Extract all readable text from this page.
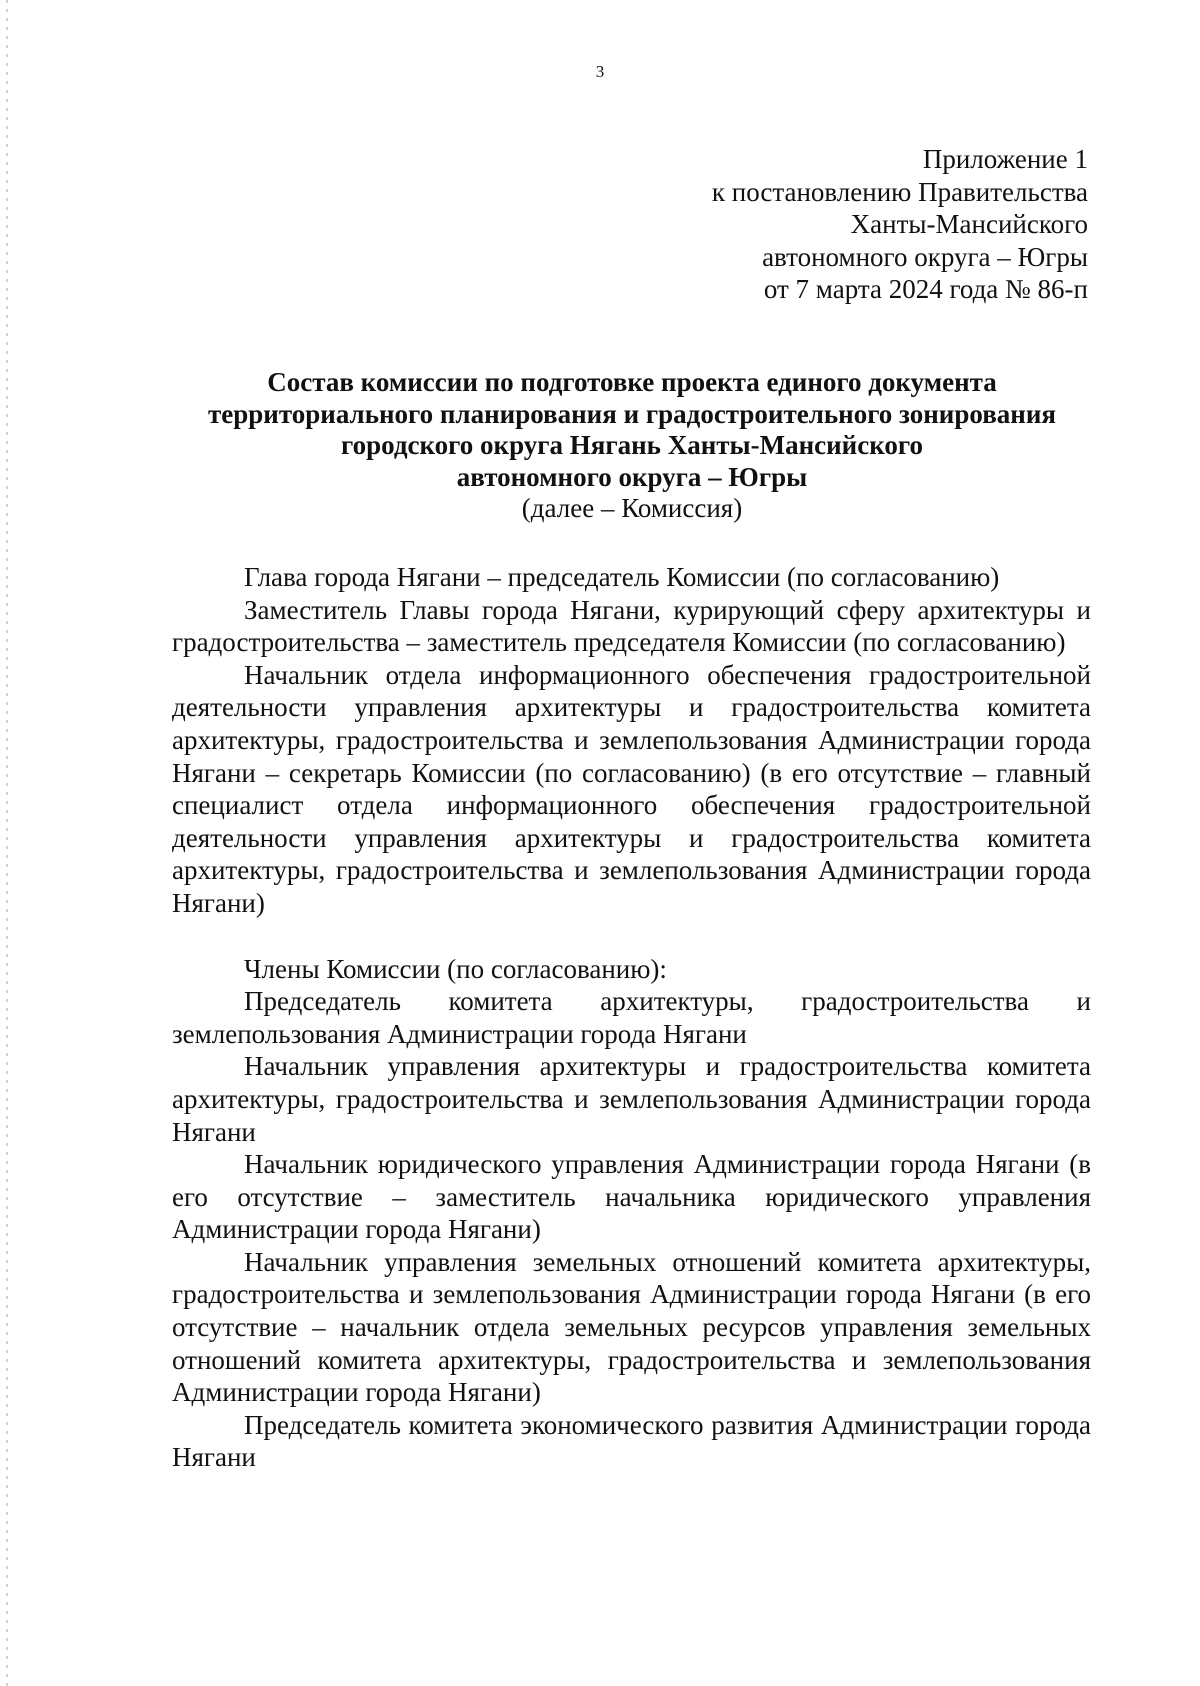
3
Приложение 1
к постановлению Правительства
Ханты-Мансийского
автономного округа – Югры
от 7 марта 2024 года № 86-п
Состав комиссии по подготовке проекта единого документа
территориального планирования и градостроительного зонирования
городского округа Нягань Ханты-Мансийского
автономного округа – Югры
(далее – Комиссия)

Глава города Нягани – председатель Комиссии (по согласованию)

Заместитель Главы города Нягани, курирующий сферу архитектуры и градостроительства – заместитель председателя Комиссии (по согласованию)

Начальник отдела информационного обеспечения градостроительной деятельности управления архитектуры и градостроительства комитета архитектуры, градостроительства и землепользования Администрации города Нягани – секретарь Комиссии (по согласованию) (в его отсутствие – главный специалист отдела информационного обеспечения градостроительной деятельности управления архитектуры и градостроительства комитета архитектуры, градостроительства и землепользования Администрации города Нягани)

Члены Комиссии (по согласованию):

Председатель комитета архитектуры, градостроительства и землепользования Администрации города Нягани

Начальник управления архитектуры и градостроительства комитета архитектуры, градостроительства и землепользования Администрации города Нягани

Начальник юридического управления Администрации города Нягани (в его отсутствие – заместитель начальника юридического управления Администрации города Нягани)

Начальник управления земельных отношений комитета архитектуры, градостроительства и землепользования Администрации города Нягани (в его отсутствие – начальник отдела земельных ресурсов управления земельных отношений комитета архитектуры, градостроительства и землепользования Администрации города Нягани)

Председатель комитета экономического развития Администрации города Нягани
